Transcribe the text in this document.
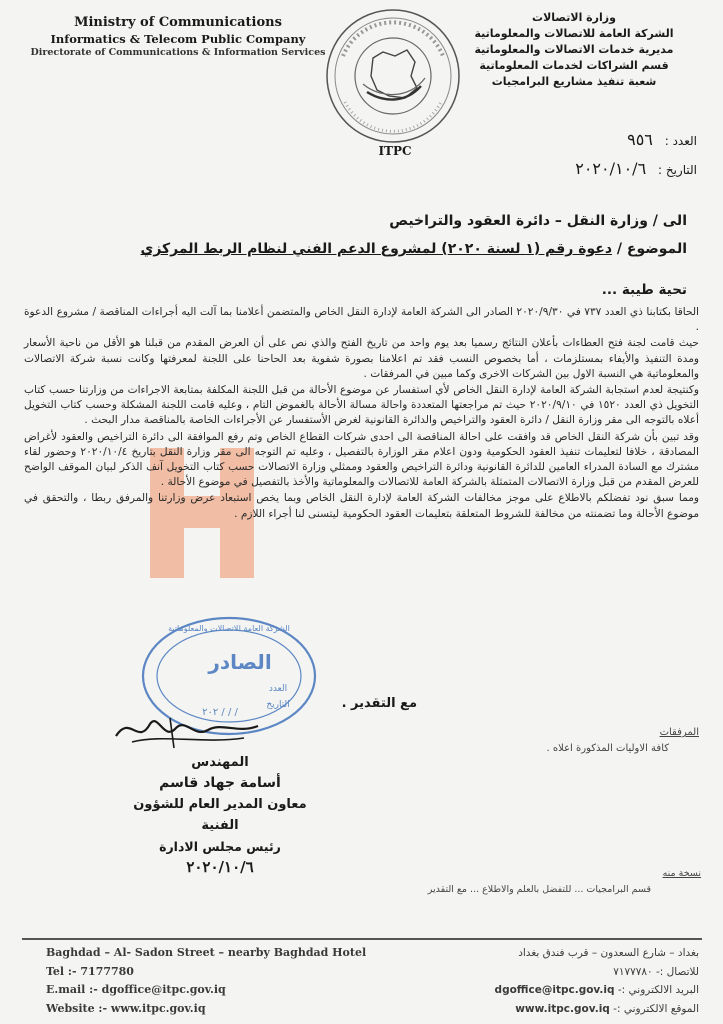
Ministry of Communications
Informatics & Telecom Public Company
Directorate of Communications & Information Services
وزارة الاتصالات
الشركة العامة للاتصالات والمعلوماتية
مديرية خدمات الاتصالات والمعلوماتية
قسم الشراكات لخدمات المعلوماتية
شعبة تنفيذ مشاريع البرامجيات
ITPC
العدد : ٩٥٦
التاريخ : ٢٠٢٠/١٠/٦
الى / وزارة النقل – دائرة العقود والتراخيص
الموضوع / دعوة رقم (١ لسنة ٢٠٢٠) لمشروع الدعم الفني لنظام الربط المركزي
تحية طيبة ...

الحاقا بكتابنا ذي العدد ٧٣٧ في ٢٠٢٠/٩/٣٠ الصادر الى الشركة العامة لإدارة النقل الخاص والمتضمن أعلامنا بما آلت اليه أجراءات المناقصة / مشروع الدعوة .

حيث قامت لجنة فتح العطاءات بأعلان النتائج رسميا بعد يوم واحد من تاريخ الفتح والذي نص على أن العرض المقدم من قبلنا هو الأقل من ناحية الأسعار ومدة التنفيذ والأيفاء بمستلزمات ، أما بخصوص النسب فقد تم اعلامنا بصورة شفوية بعد الحاحنا على اللجنة لمعرفتها وكانت نسبة شركة الاتصالات والمعلوماتية هي النسبة الاول بين الشركات الاخرى وكما مبين في المرفقات .

وكنتيجة لعدم استجابة الشركة العامة لإدارة النقل الخاص لأي استفسار عن موضوع الأحالة من قبل اللجنة المكلفة بمتابعة الاجراءات من وزارتنا حسب كتاب التخويل ذي العدد ١٥٢٠ في ٢٠٢٠/٩/١٠ حيث تم مراجعتها المتعددة واحالة مسالة الأحالة بالغموض التام ، وعليه قامت اللجنة المشكلة وحسب كتاب التخويل أعلاه بالتوجه الى مقر وزارة النقل / دائرة العقود والتراخيص والدائرة القانونية لغرض الأستفسار عن الأجراءات الخاصة بالمناقصة مدار البحث .

وقد تبين بأن شركة النقل الخاص قد وافقت على احالة المناقصة الى احدى شركات القطاع الخاص وتم رفع الموافقة الى دائرة التراخيص والعقود لأغراض المصادقة ، خلافا لتعليمات تنفيذ العقود الحكومية ودون اعلام مقر الوزارة بالتفصيل ، وعليه تم التوجه الى مقر وزارة النقل بتاريخ ٢٠٢٠/١٠/٤ وحضور لقاء مشترك مع السادة المدراء العامين للدائرة القانونية ودائرة التراخيص والعقود وممثلي وزارة الاتصالات حسب كتاب التخويل آنف الذكر لبيان الموقف الواضح للعرض المقدم من قبل وزارة الاتصالات المتمثلة بالشركة العامة للاتصالات والمعلوماتية والأخذ بالتفصيل في موضوع الأحالة .

ومما سبق نود تفضلكم بالاطلاع على موجز مخالفات الشركة العامة لإدارة النقل الخاص وبما يخص استبعاد عرض وزارتنا والمرفق ربطا ، والتحقق في موضوع الأحالة وما تضمنته من مخالفة للشروط المتعلقة بتعليمات العقود الحكومية ليتسنى لنا أجراء اللازم .

الشركة العامة للاتصالات والمعلوماتية
الصادر
العدد
التاريخ
٢٠٢ / / /
مع التقدير .
المرفقات
كافة الاوليات المذكورة اعلاه .
المهندس
أسامة جهاد قاسم
معاون المدير العام للشؤون الفنية
رئيس مجلس الادارة
٢٠٢٠/١٠/٦	نسخة منه
قسم البرامجيات ... للتفضل بالعلم والاطلاع ... مع التقدير
Baghdad – Al- Sadon Street – nearby Baghdad Hotel
Tel :- 7177780
E.mail :- dgoffice@itpc.gov.iq
Website :- www.itpc.gov.iq
بغداد – شارع السعدون – قرب فندق بغداد
للاتصال :- ٧١٧٧٧٨٠
البريد الالكتروني :- dgoffice@itpc.gov.iq
الموقع الالكتروني :- www.itpc.gov.iq
